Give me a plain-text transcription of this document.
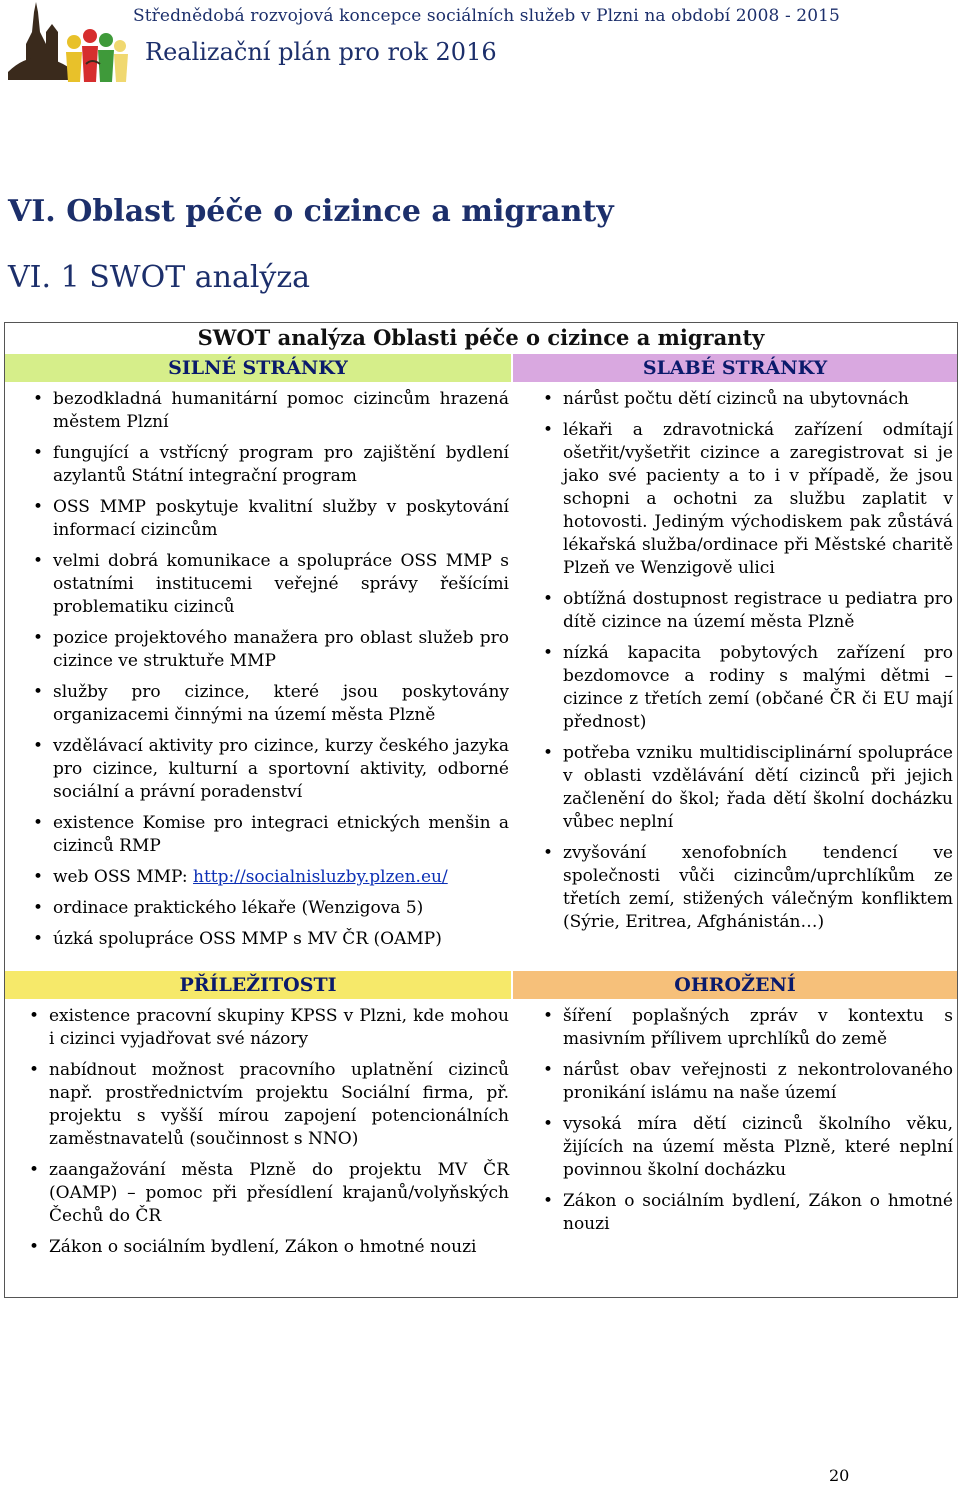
Střednědobá rozvojová koncepce sociálních služeb v Plzni na období 2008 - 2015
Realizační plán pro rok 2016
VI. Oblast péče o cizince a migranty
VI. 1 SWOT analýza
SWOT analýza Oblasti péče o cizince a migranty
SILNÉ STRÁNKY
• bezodkladná humanitární pomoc cizincům hrazená městem Plzní
• fungující a vstřícný program pro zajištění bydlení azylantů Státní integrační program
• OSS MMP poskytuje kvalitní služby v poskytování informací cizincům
• velmi dobrá komunikace a spolupráce OSS MMP s ostatními institucemi veřejné správy řešícími problematiku cizinců
• pozice projektového manažera pro oblast služeb pro cizince ve struktuře MMP
• služby pro cizince, které jsou poskytovány organizacemi činnými na území města Plzně
• vzdělávací aktivity pro cizince, kurzy českého jazyka pro cizince, kulturní a sportovní aktivity, odborné sociální a právní poradenství
• existence Komise pro integraci etnických menšin a cizinců RMP
• web OSS MMP: http://socialnisluzby.plzen.eu/
• ordinace praktického lékaře (Wenzigova 5)
• úzká spolupráce OSS MMP s MV ČR (OAMP)
SLABÉ STRÁNKY
• nárůst počtu dětí cizinců na ubytovnách
• lékaři a zdravotnická zařízení odmítají ošetřit/vyšetřit cizince a zaregistrovat si je jako své pacienty a to i v případě, že jsou schopni a ochotni za službu zaplatit v hotovosti. Jediným východiskem pak zůstává lékařská služba/ordinace při Městské charitě Plzeň ve Wenzigově ulici
• obtížná dostupnost registrace u pediatra pro dítě cizince na území města Plzně
• nízká kapacita pobytových zařízení pro bezdomovce a rodiny s malými dětmi – cizince z třetích zemí (občané ČR či EU mají přednost)
• potřeba vzniku multidisciplinární spolupráce v oblasti vzdělávání dětí cizinců při jejich začlenění do škol; řada dětí školní docházku vůbec neplní
• zvyšování xenofobních tendencí ve společnosti vůči cizincům/uprchlíkům ze třetích zemí, stižených válečným konfliktem (Sýrie, Eritrea, Afghánistán…)
PŘÍLEŽITOSTI
• existence pracovní skupiny KPSS v Plzni, kde mohou i cizinci vyjadřovat své názory
• nabídnout možnost pracovního uplatnění cizinců např. prostřednictvím projektu Sociální firma, př. projektu s vyšší mírou zapojení potencionálních zaměstnavatelů (součinnost s NNO)
• zaangažování města Plzně do projektu MV ČR (OAMP) – pomoc při přesídlení krajanů/volyňských Čechů do ČR
• Zákon o sociálním bydlení, Zákon o hmotné nouzi
OHROŽENÍ
• šíření poplašných zpráv v kontextu s masivním přílivem uprchlíků do země
• nárůst obav veřejnosti z nekontrolovaného pronikání islámu na naše území
• vysoká míra dětí cizinců školního věku, žijících na území města Plzně, které neplní povinnou školní docházku
• Zákon o sociálním bydlení, Zákon o hmotné nouzi
20
